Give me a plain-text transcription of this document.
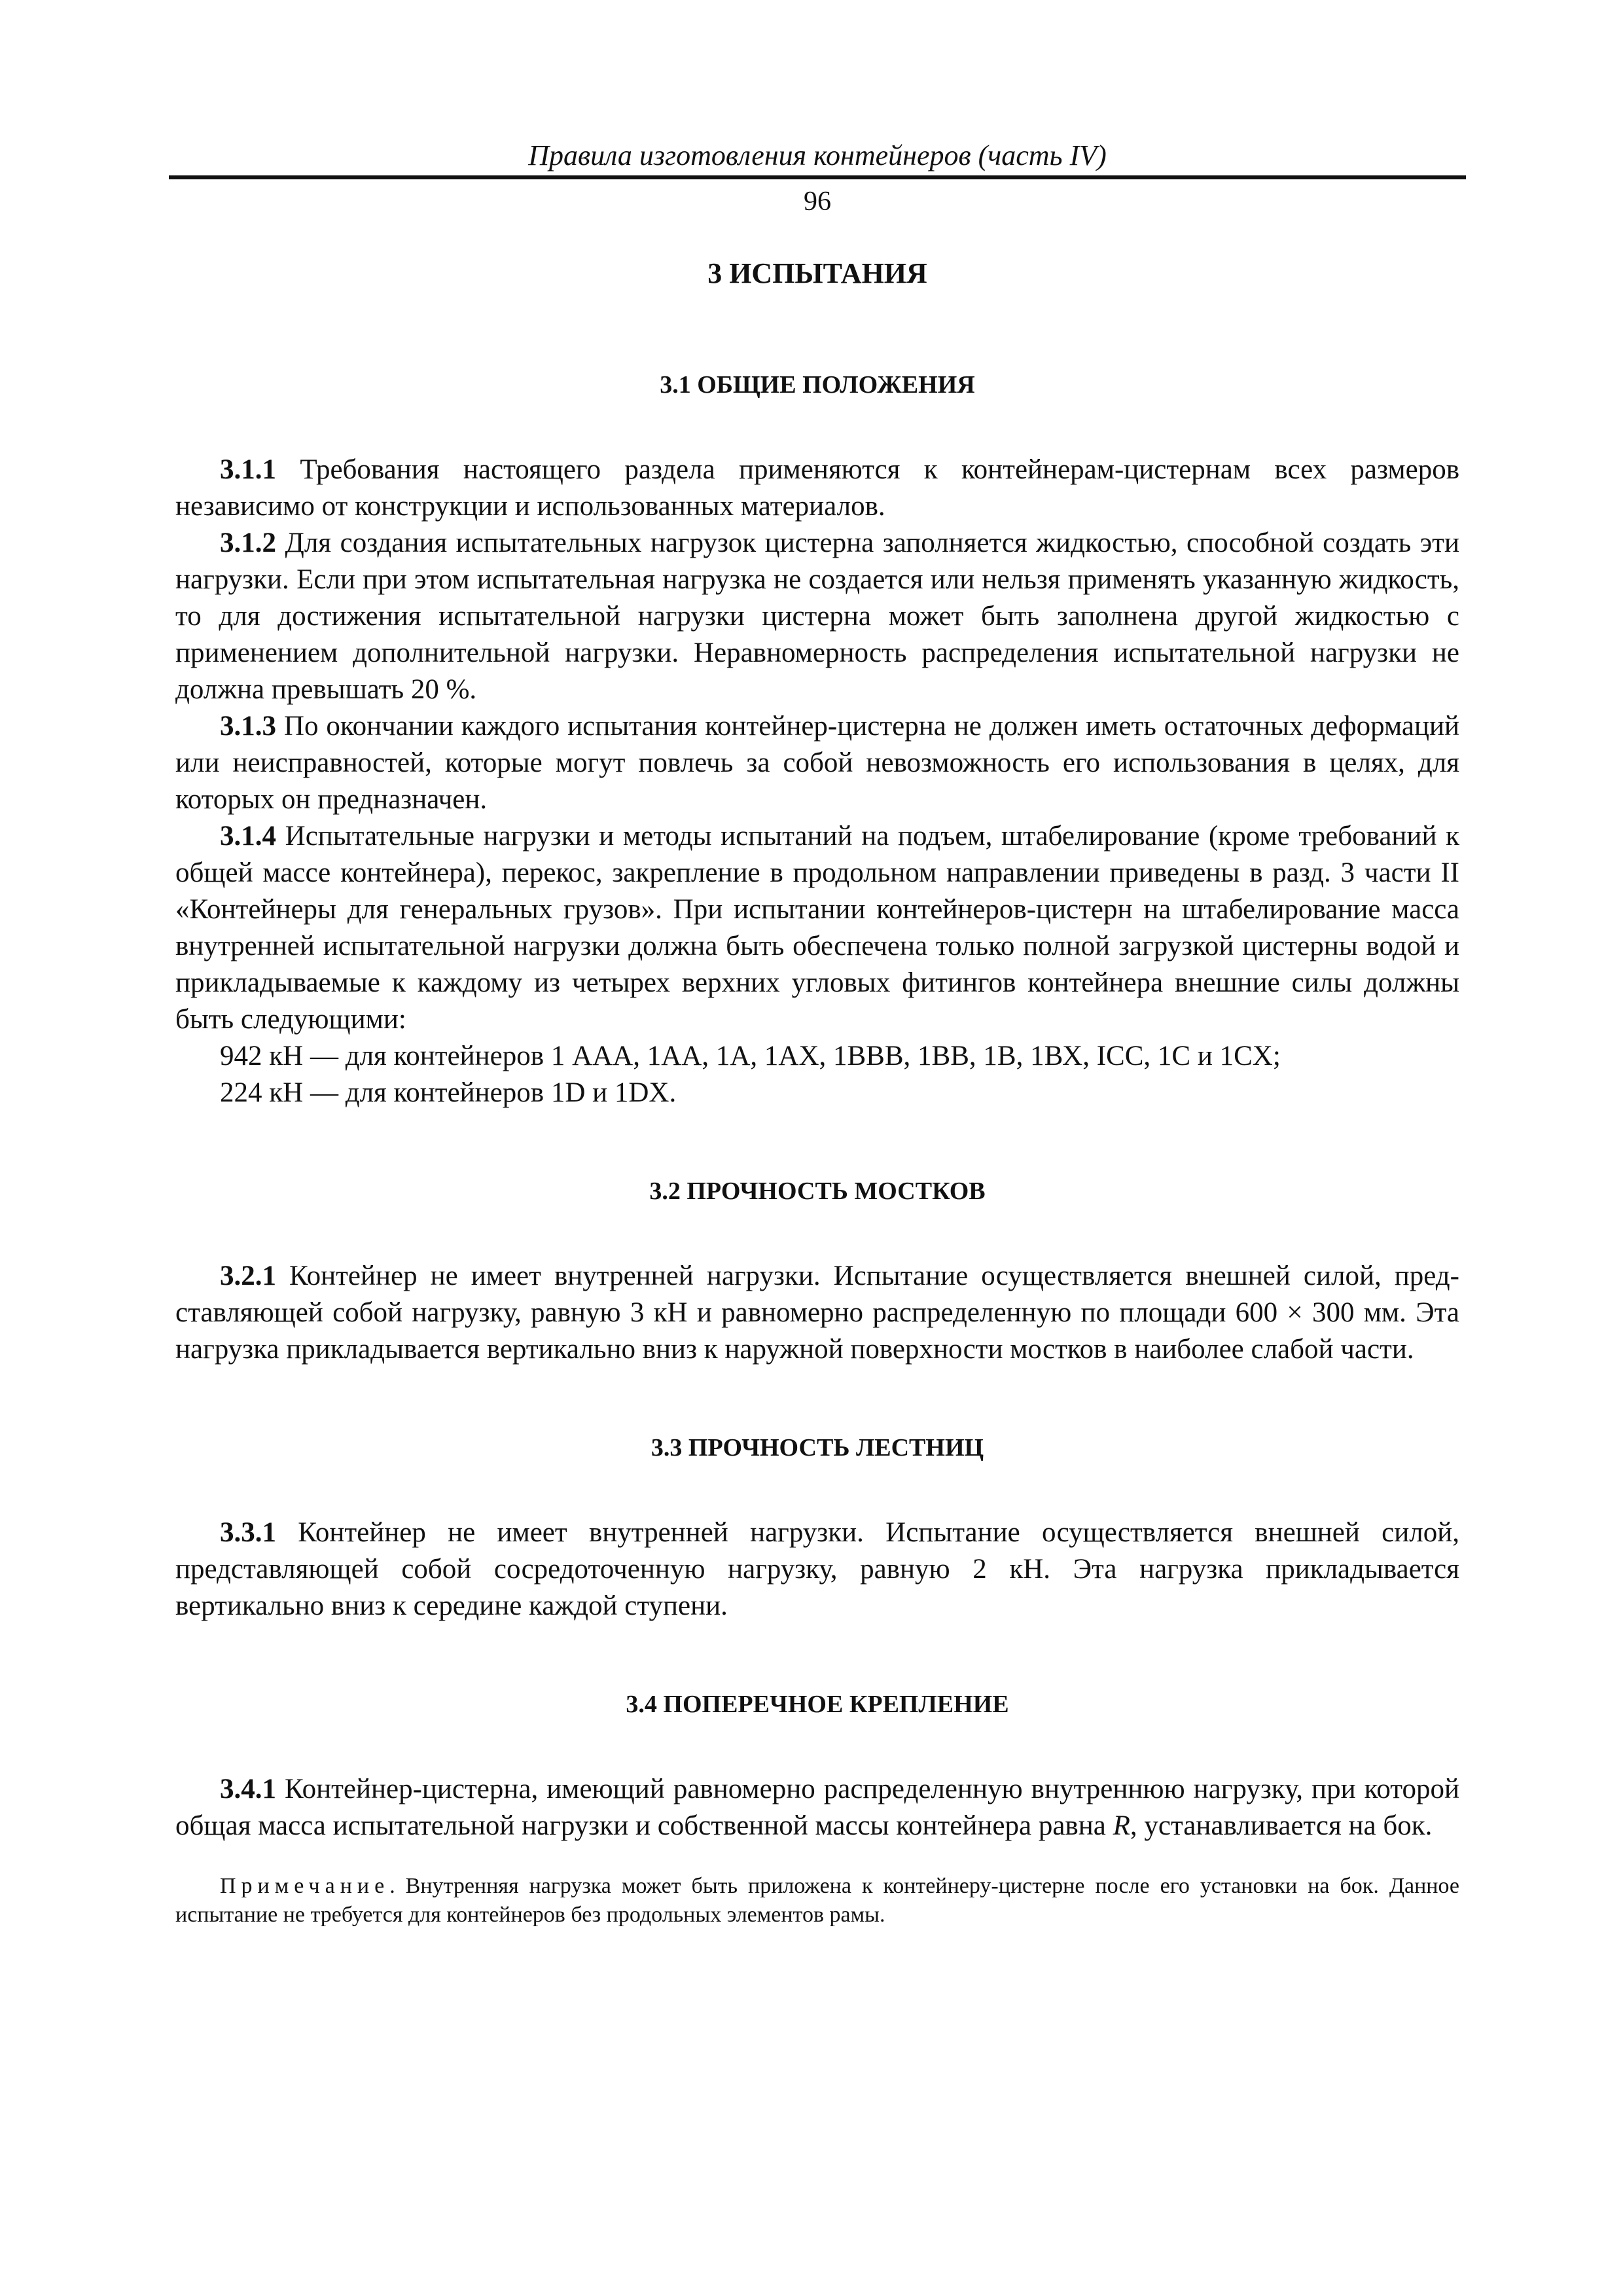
Правила изготовления контейнеров (часть IV)
96
3 ИСПЫТАНИЯ
3.1 ОБЩИЕ ПОЛОЖЕНИЯ

3.1.1 Требования настоящего раздела применяются к контейнерам-цистернам всех размеров независимо от конструкции и использованных материалов.

3.1.2 Для создания испытательных нагрузок цистерна заполняется жидкостью, способной создать эти нагрузки. Если при этом испытательная нагрузка не создается или нельзя применять указанную жидкость, то для достижения испытательной нагрузки цистерна может быть заполнена другой жидкостью с применением дополнительной нагрузки. Неравномерность распределения испытательной нагрузки не должна превышать 20 %.

3.1.3 По окончании каждого испытания контейнер-цистерна не должен иметь остаточных деформаций или неисправностей, которые могут повлечь за собой невозможность его использования в целях, для которых он предназначен.

3.1.4 Испытательные нагрузки и методы испытаний на подъем, штабелирование (кроме требований к общей массе контейнера), перекос, закрепление в продольном направлении приведены в разд. 3 части II «Контейнеры для генеральных грузов». При испытании контейнеров-цистерн на штабелирование масса внутренней испытательной нагрузки должна быть обеспечена только полной загрузкой цистерны водой и прикладываемые к каждому из четырех верхних угловых фитингов контейнера внешние силы должны быть следующими:

942 кН — для контейнеров 1 ААА, 1АА, 1А, 1АХ, 1ВВВ, 1ВВ, 1В, 1ВХ, ICC, 1C и 1CX;

224 кН — для контейнеров 1D и 1DX.

3.2 ПРОЧНОСТЬ МОСТКОВ

3.2.1 Контейнер не имеет внутренней нагрузки. Испытание осуществляется внешней силой, представляющей собой нагрузку, равную 3 кН и равномерно распределенную по площади 600 × 300 мм. Эта нагрузка прикладывается вертикально вниз к наружной поверхности мостков в наиболее слабой части.

3.3 ПРОЧНОСТЬ ЛЕСТНИЦ

3.3.1 Контейнер не имеет внутренней нагрузки. Испытание осуществляется внешней силой, представляющей собой сосредоточенную нагрузку, равную 2 кН. Эта нагрузка прикладывается вертикально вниз к середине каждой ступени.

3.4 ПОПЕРЕЧНОЕ КРЕПЛЕНИЕ

3.4.1 Контейнер-цистерна, имеющий равномерно распределенную внутреннюю нагрузку, при которой общая масса испытательной нагрузки и собственной массы контейнера равна R, устанавливается на бок.

Примечание. Внутренняя нагрузка может быть приложена к контейнеру-цистерне после его установки на бок. Данное испытание не требуется для контейнеров без продольных элементов рамы.
